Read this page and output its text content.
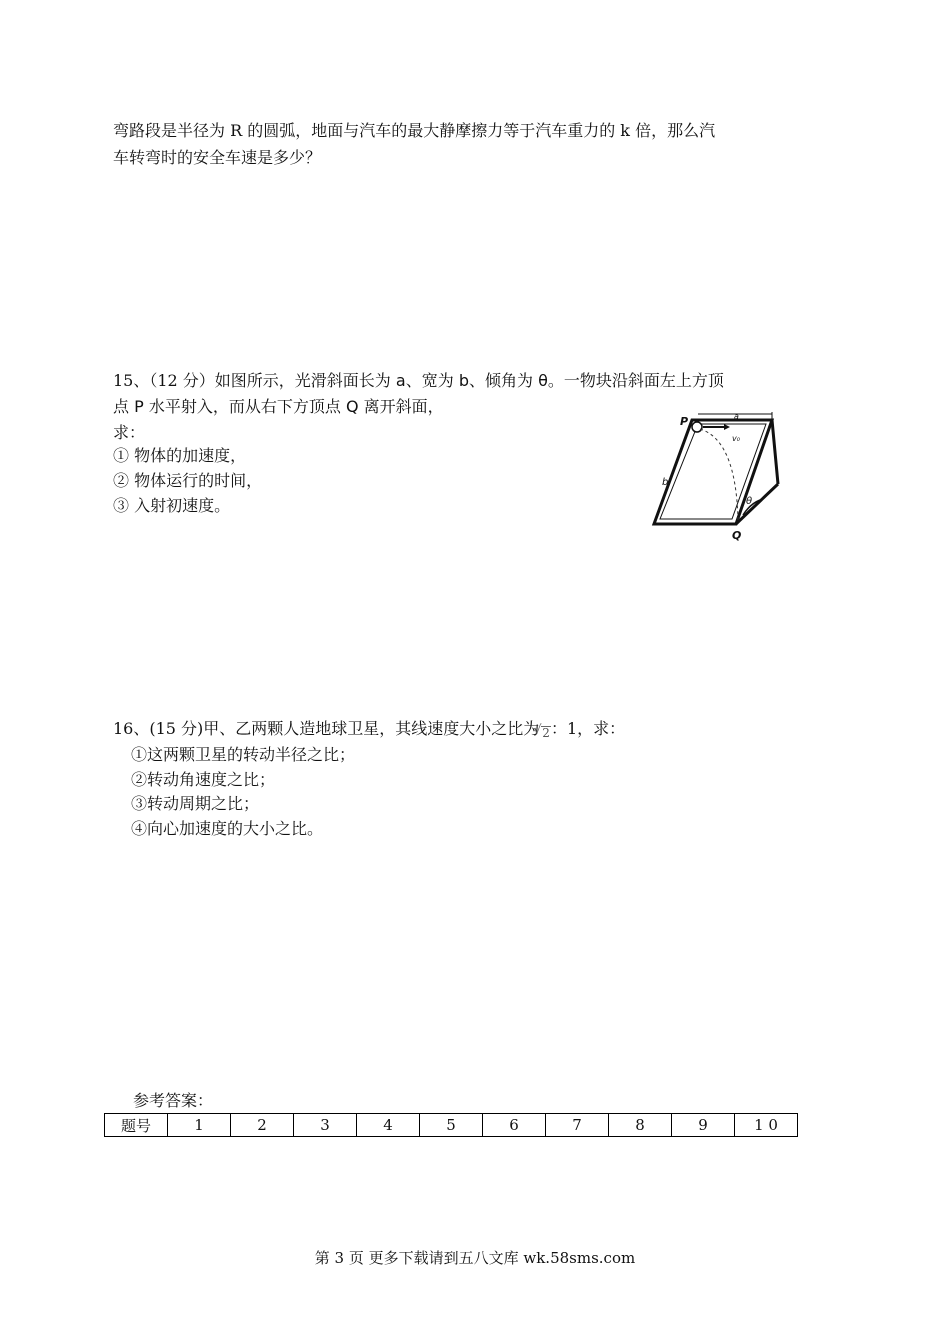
弯路段是半径为 R 的圆弧，地面与汽车的最大静摩擦力等于汽车重力的 k 倍，那么汽
车转弯时的安全车速是多少？
15、（12 分）如图所示，光滑斜面长为 a、宽为 b、倾角为 θ。一物块沿斜面左上方顶
点 P 水平射入，而从右下方顶点 Q 离开斜面，
求：
① 物体的加速度，
② 物体运行的时间，
③ 入射初速度。
P	a
v₀
b
θ
Q
16、(15 分)甲、乙两颗人造地球卫星，其线速度大小之比为√ 2：1，求：
①这两颗卫星的转动半径之比；
②转动角速度之比；
③转动周期之比；
④向心加速度的大小之比。
参考答案：
题号	1	2	3	4	5	6	7	8	9	1 0
第 3 页 更多下载请到五八文库 wk.58sms.com
